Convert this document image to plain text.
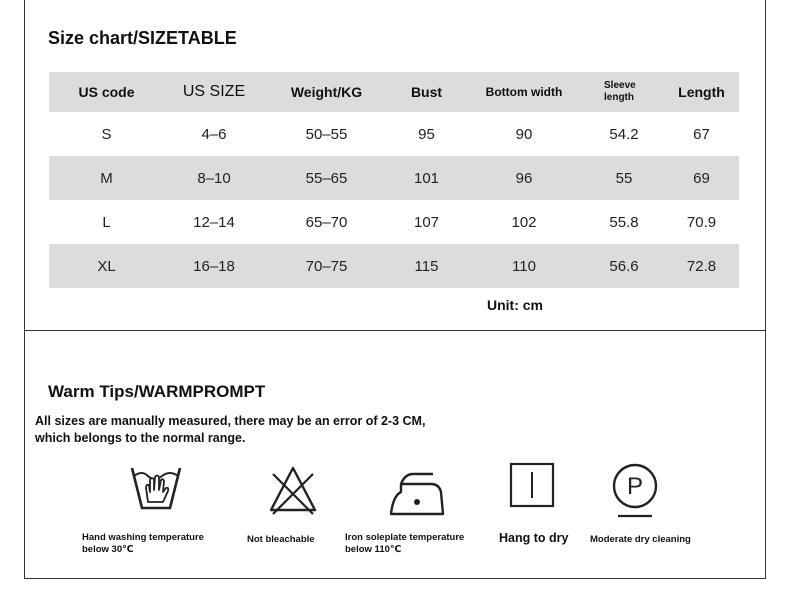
Size chart/SIZETABLE
US code	US SIZE	Weight/KG	Bust	Bottom width	Sleeve length	Length
S	4–6	50–55	95	90	54.2	67
M	8–10	55–65	101	96	55	69
L	12–14	65–70	107	102	55.8	70.9
XL	16–18	70–75	115	110	56.6	72.8
Unit: cm
Warm Tips/WARMPROMPT
All sizes are manually measured, there may be an error of 2-3 CM, which belongs to the normal range.
Hand washing temperature
below 30℃
Not bleachable	Iron soleplate temperature
below 110℃
Hang to dry
P
Moderate dry cleaning
